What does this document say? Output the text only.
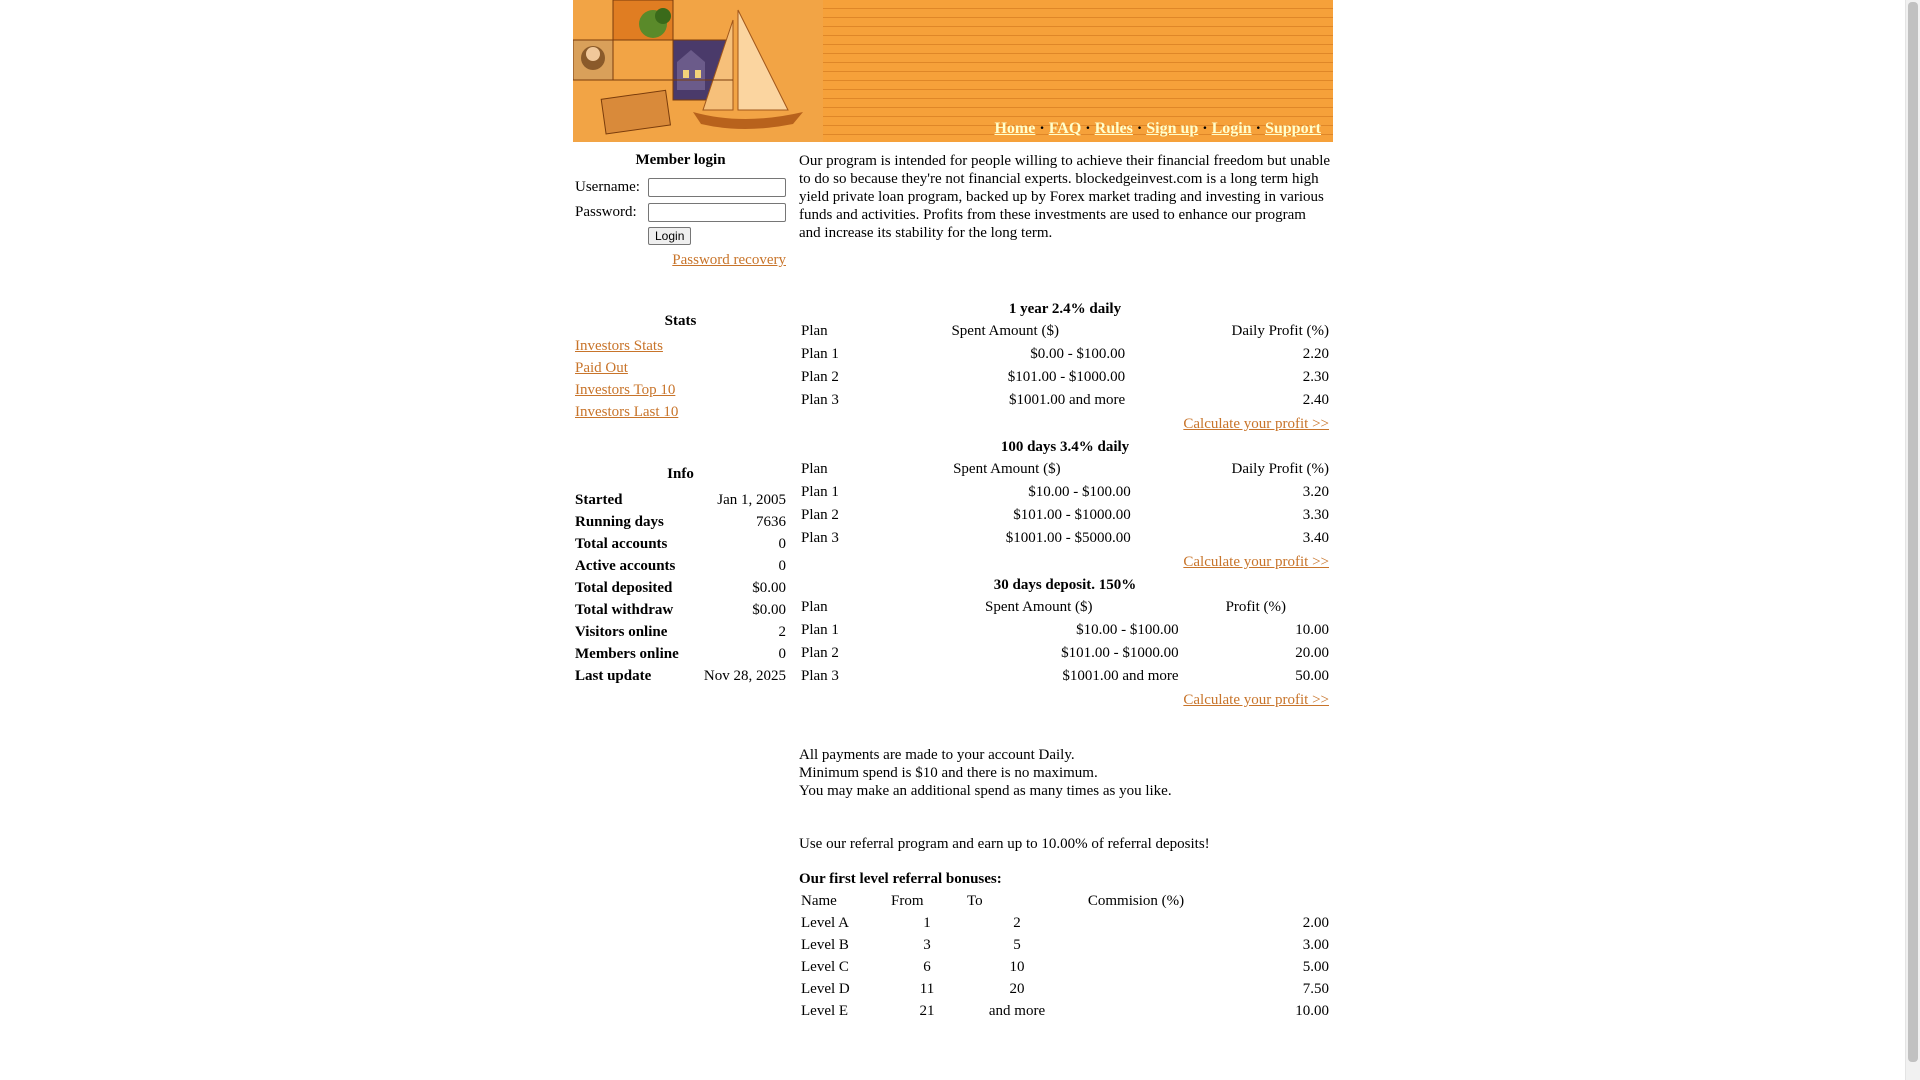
Home · FAQ · Rules · Sign up · Login · Support
Member login
Username:
Password:
Login
Password recovery
Stats
Investors Stats
Paid Out
Investors Top 10
Investors Last 10
Info
Started	Jan 1, 2005
Running days	7636
Total accounts	0
Active accounts	0
Total deposited	$0.00
Total withdraw	$0.00
Visitors online	2
Members online	0
Last update	Nov 28, 2025

Our program is intended for people willing to achieve their financial freedom but unable to do so because they're not financial experts. blockedgeinvest.com is a long term high yield private loan program, backed up by Forex market trading and investing in various funds and activities. Profits from these investments are used to enhance our program and increase its stability for the long term.

1 year 2.4% daily
Plan	Spent Amount ($)	Daily Profit (%)
Plan 1	$0.00 - $100.00	2.20
Plan 2	$101.00 - $1000.00	2.30
Plan 3	$1001.00 and more	2.40
Calculate your profit >>
100 days 3.4% daily
Plan	Spent Amount ($)	Daily Profit (%)
Plan 1	$10.00 - $100.00	3.20
Plan 2	$101.00 - $1000.00	3.30
Plan 3	$1001.00 - $5000.00	3.40
Calculate your profit >>
30 days deposit. 150%
Plan	Spent Amount ($)	Profit (%)
Plan 1	$10.00 - $100.00	10.00
Plan 2	$101.00 - $1000.00	20.00
Plan 3	$1001.00 and more	50.00
Calculate your profit >>
All payments are made to your account Daily.
Minimum spend is $10 and there is no maximum.
You may make an additional spend as many times as you like.
Use our referral program and earn up to 10.00% of referral deposits!
Our first level referral bonuses:
Name	From	To	Commision (%)	
Level A	1	2		2.00
Level B	3	5		3.00
Level C	6	10		5.00
Level D	11	20		7.50
Level E	21	and more		10.00
